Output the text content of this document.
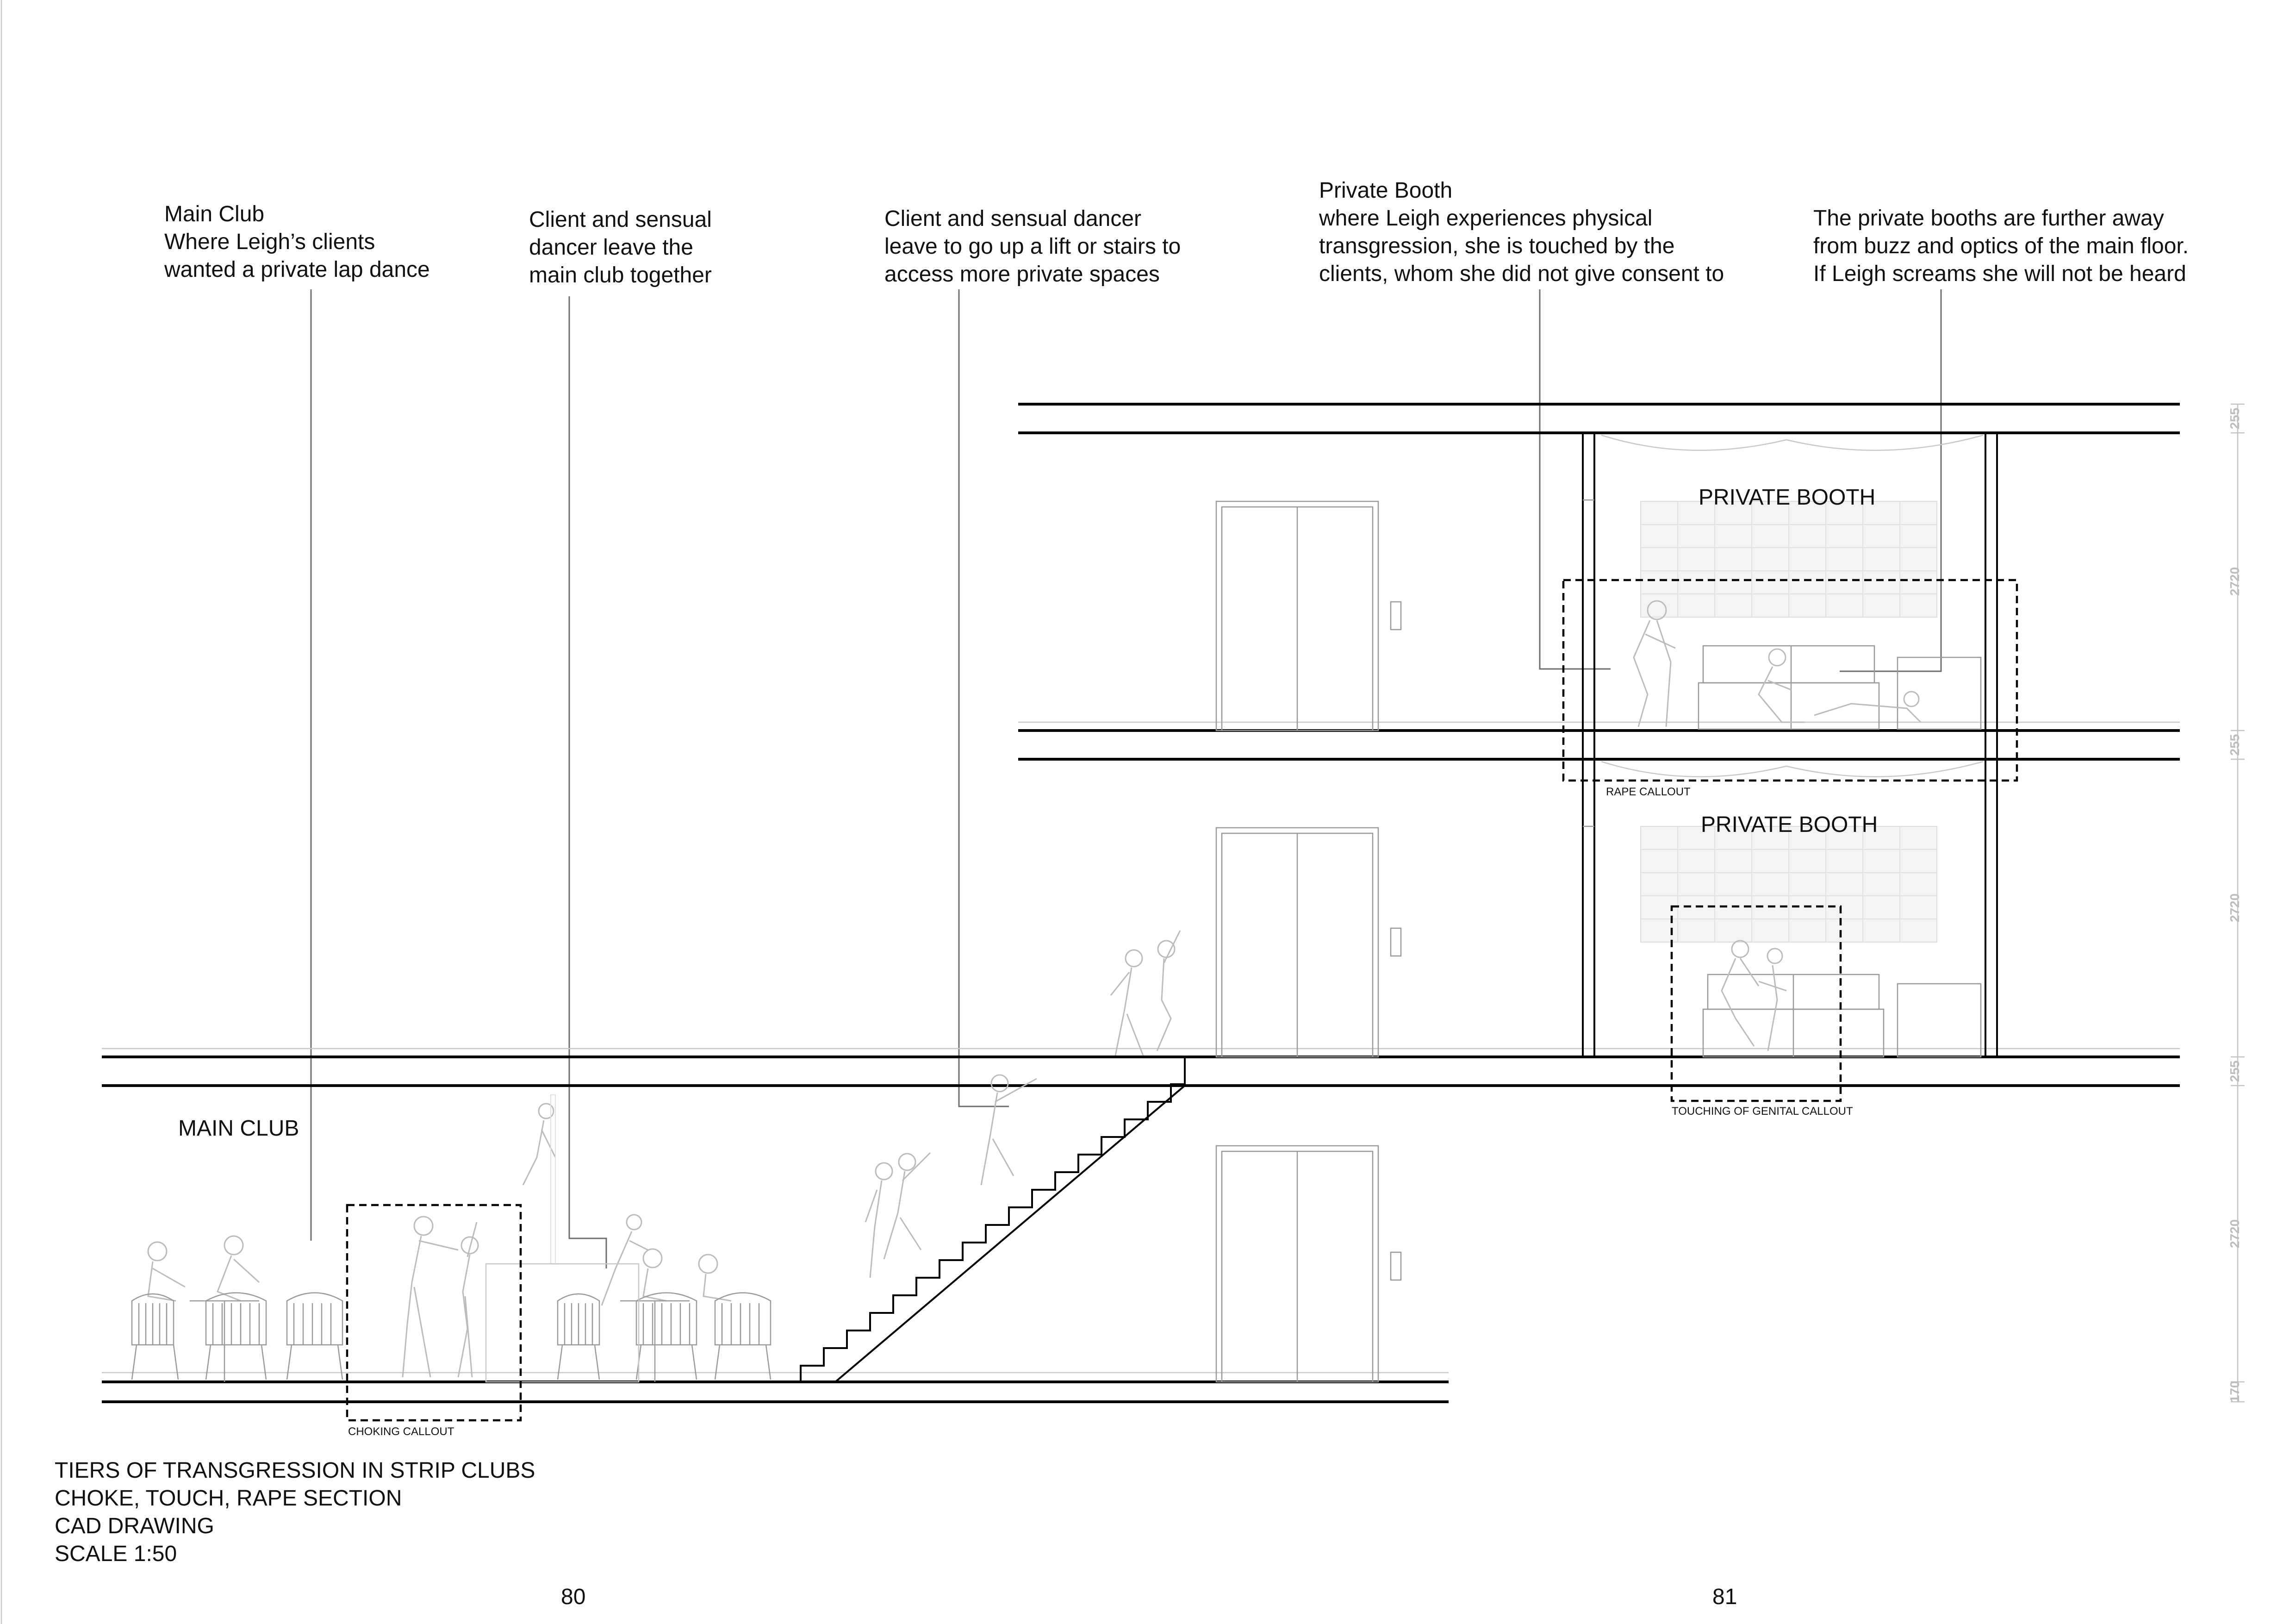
Main Club Where Leigh’s clients wanted a private lap dance
Client and sensual dancer leave the main club together
Client and sensual dancer leave to go up a lift or stairs to access more private spaces
Private Booth where Leigh experiences physical transgression, she is touched by the clients, whom she did not give consent to
The private booths are further away from buzz and optics of the main floor. If Leigh screams she will not be heard
PRIVATE BOOTH
PRIVATE BOOTH
MAIN CLUB
RAPE CALLOUT
TOUCHING OF GENITAL CALLOUT
CHOKING CALLOUT
255
2720
255
2720
255
2720
170
TIERS OF TRANSGRESSION IN STRIP CLUBS CHOKE, TOUCH, RAPE SECTION CAD DRAWING SCALE 1:50
80	81
